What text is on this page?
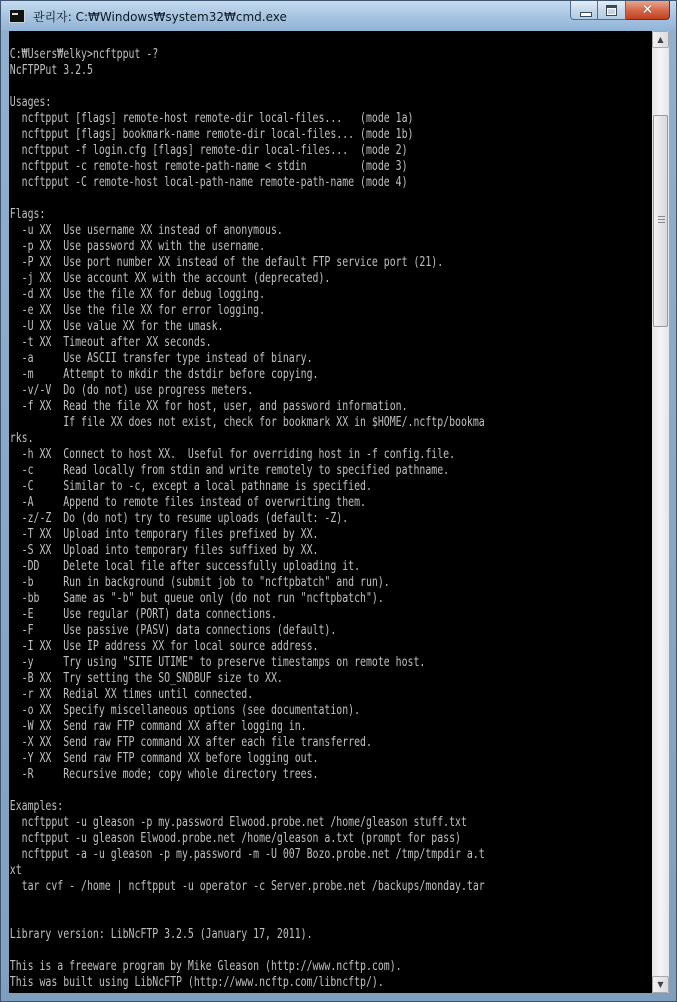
관리자: C:₩Windows₩system32₩cmd.exe	✕

C:₩Users₩elky>ncftpput -?
NcFTPPut 3.2.5

Usages:
ncftpput [flags] remote-host remote-dir local-files...   (mode 1a)
ncftpput [flags] bookmark-name remote-dir local-files... (mode 1b)
ncftpput -f login.cfg [flags] remote-dir local-files...  (mode 2)
ncftpput -c remote-host remote-path-name < stdin         (mode 3)
ncftpput -C remote-host local-path-name remote-path-name (mode 4)

Flags:
-u XX  Use username XX instead of anonymous.
-p XX  Use password XX with the username.
-P XX  Use port number XX instead of the default FTP service port (21).
-j XX  Use account XX with the account (deprecated).
-d XX  Use the file XX for debug logging.
-e XX  Use the file XX for error logging.
-U XX  Use value XX for the umask.
-t XX  Timeout after XX seconds.
-a     Use ASCII transfer type instead of binary.
-m     Attempt to mkdir the dstdir before copying.
-v/-V  Do (do not) use progress meters.
-f XX  Read the file XX for host, user, and password information.
If file XX does not exist, check for bookmark XX in $HOME/.ncftp/bookma
rks.
-h XX  Connect to host XX.  Useful for overriding host in -f config.file.
-c     Read locally from stdin and write remotely to specified pathname.
-C     Similar to -c, except a local pathname is specified.
-A     Append to remote files instead of overwriting them.
-z/-Z  Do (do not) try to resume uploads (default: -Z).
-T XX  Upload into temporary files prefixed by XX.
-S XX  Upload into temporary files suffixed by XX.
-DD    Delete local file after successfully uploading it.
-b     Run in background (submit job to "ncftpbatch" and run).
-bb    Same as "-b" but queue only (do not run "ncftpbatch").
-E     Use regular (PORT) data connections.
-F     Use passive (PASV) data connections (default).
-I XX  Use IP address XX for local source address.
-y     Try using "SITE UTIME" to preserve timestamps on remote host.
-B XX  Try setting the SO_SNDBUF size to XX.
-r XX  Redial XX times until connected.
-o XX  Specify miscellaneous options (see documentation).
-W XX  Send raw FTP command XX after logging in.
-X XX  Send raw FTP command XX after each file transferred.
-Y XX  Send raw FTP command XX before logging out.
-R     Recursive mode; copy whole directory trees.

Examples:
ncftpput -u gleason -p my.password Elwood.probe.net /home/gleason stuff.txt
ncftpput -u gleason Elwood.probe.net /home/gleason a.txt (prompt for pass)
ncftpput -a -u gleason -p my.password -m -U 007 Bozo.probe.net /tmp/tmpdir a.t
xt
tar cvf - /home | ncftpput -u operator -c Server.probe.net /backups/monday.tar

Library version: LibNcFTP 3.2.5 (January 17, 2011).

This is a freeware program by Mike Gleason (http://www.ncftp.com).
This was built using LibNcFTP (http://www.ncftp.com/libncftp/).

▲
▼
